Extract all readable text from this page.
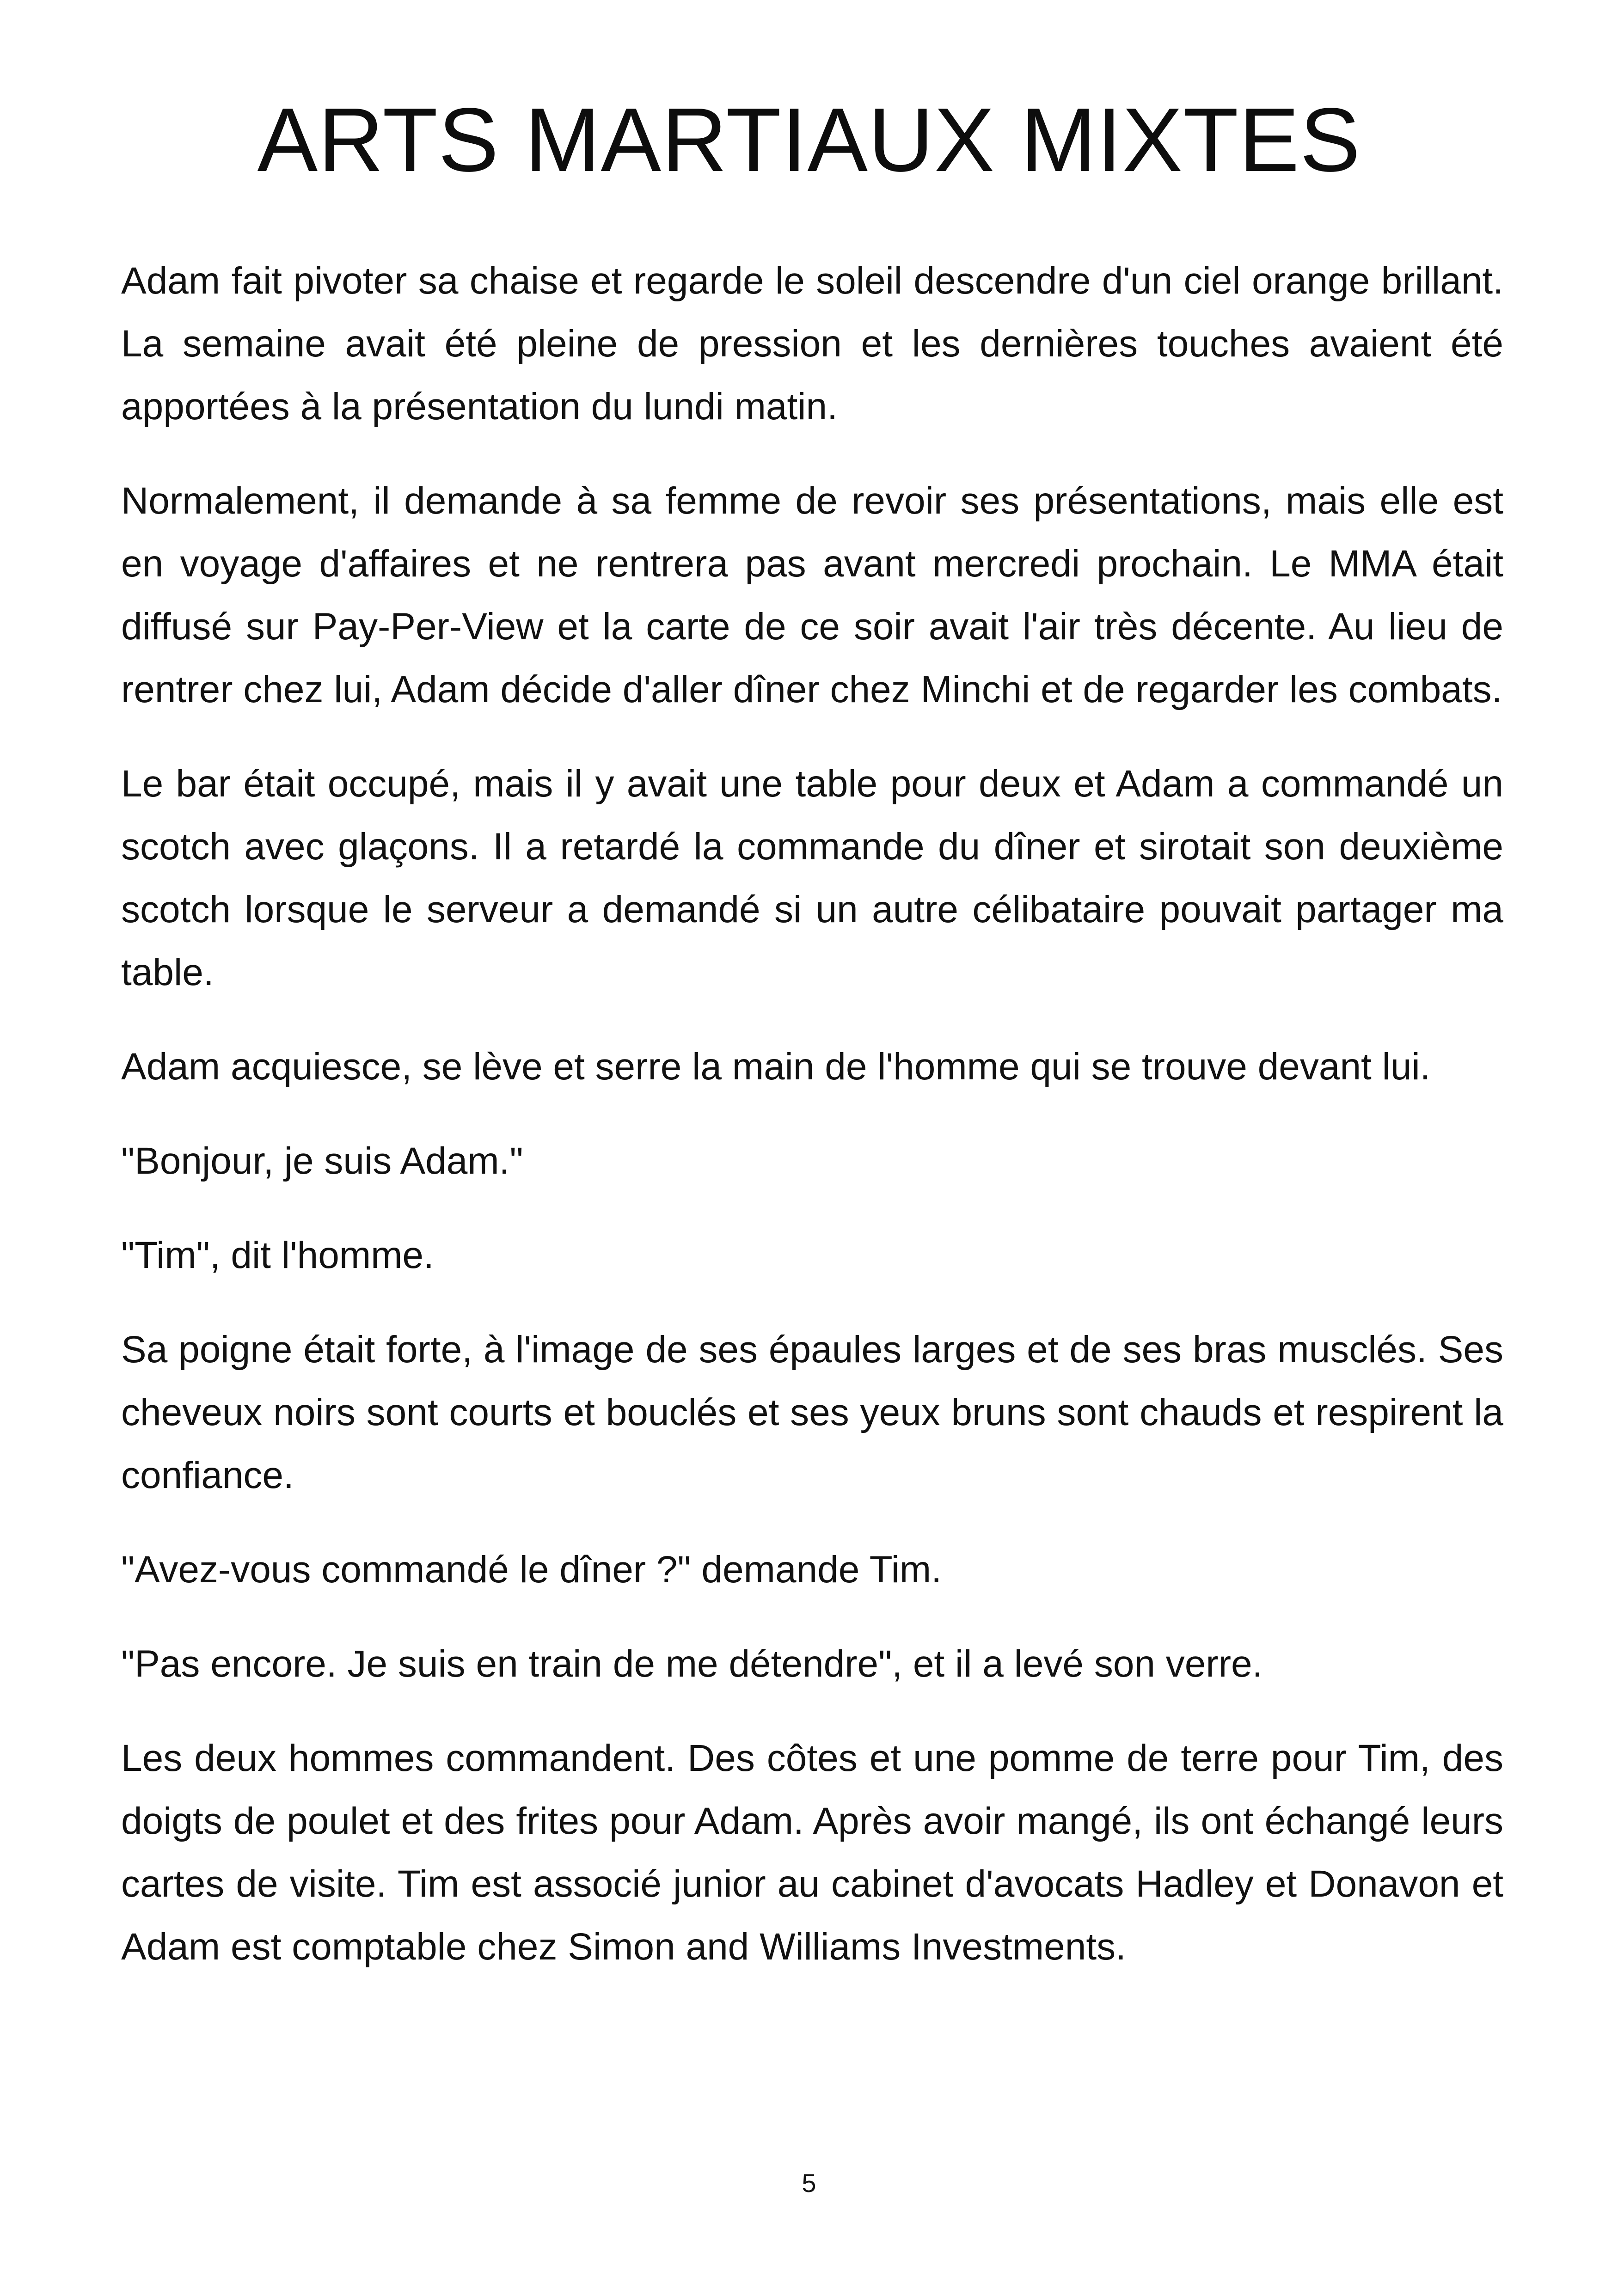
ARTS MARTIAUX MIXTES

Adam fait pivoter sa chaise et regarde le soleil descendre d'un ciel orange brillant. La semaine avait été pleine de pression et les dernières touches avaient été apportées à la présentation du lundi matin.

Normalement, il demande à sa femme de revoir ses présentations, mais elle est en voyage d'affaires et ne rentrera pas avant mercredi prochain. Le MMA était diffusé sur Pay-Per-View et la carte de ce soir avait l'air très décente. Au lieu de rentrer chez lui, Adam décide d'aller dîner chez Minchi et de regarder les combats.

Le bar était occupé, mais il y avait une table pour deux et Adam a commandé un scotch avec glaçons. Il a retardé la commande du dîner et sirotait son deuxième scotch lorsque le serveur a demandé si un autre célibataire pouvait partager ma table.

Adam acquiesce, se lève et serre la main de l'homme qui se trouve devant lui.

"Bonjour, je suis Adam."

"Tim", dit l'homme.

Sa poigne était forte, à l'image de ses épaules larges et de ses bras musclés. Ses cheveux noirs sont courts et bouclés et ses yeux bruns sont chauds et respirent la confiance.

"Avez-vous commandé le dîner ?" demande Tim.

"Pas encore. Je suis en train de me détendre", et il a levé son verre.

Les deux hommes commandent. Des côtes et une pomme de terre pour Tim, des doigts de poulet et des frites pour Adam. Après avoir mangé, ils ont échangé leurs cartes de visite. Tim est associé junior au cabinet d'avocats Hadley et Donavon et Adam est comptable chez Simon and Williams Investments.

5
